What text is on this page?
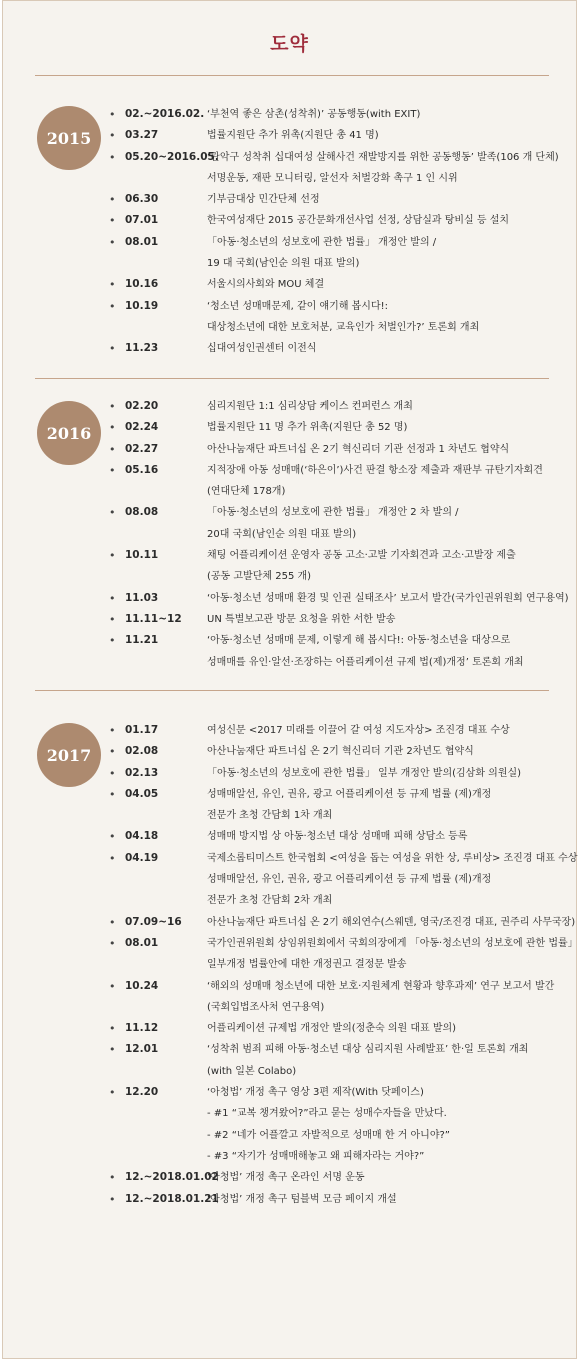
도약
2015
• 02.~2016.02. ‘부천역 좋은 삼촌(성착취)’ 공동행동(with EXIT)
• 03.27	법률지원단 추가 위촉(지원단 총 41 명)
• 05.20~2016.05.
‘관악구 성착취 십대여성 살해사건 재발방지를 위한 공동행동’ 발족(106 개 단체)
서명운동, 재판 모니터링, 알선자 처벌강화 촉구 1 인 시위
• 06.30	기부금대상 민간단체 선정
• 07.01	한국여성재단 2015 공간문화개선사업 선정, 상담실과 탕비실 등 설치
• 08.01	「아동·청소년의 성보호에 관한 법률」 개정안 발의 /
19 대 국회(남인순 의원 대표 발의)
• 10.16	서울시의사회와 MOU 체결
• 10.19	‘청소년 성매매문제, 같이 얘기해 봅시다!:
대상청소년에 대한 보호처분, 교육인가 처벌인가?’ 토론회 개최
• 11.23	십대여성인권센터 이전식
2016
• 02.20	심리지원단 1:1 심리상담 케이스 컨퍼런스 개최
• 02.24	법률지원단 11 명 추가 위촉(지원단 총 52 명)
• 02.27	아산나눔재단 파트너십 온 2기 혁신리더 기관 선정과 1 차년도 협약식
• 05.16	지적장애 아동 성매매(‘하은이’)사건 판결 항소장 제출과 재판부 규탄기자회견
(연대단체 178개)
• 08.08	「아동·청소년의 성보호에 관한 법률」 개정안 2 차 발의 /
20대 국회(남인순 의원 대표 발의)
• 10.11	채팅 어플리케이션 운영자 공동 고소·고발 기자회견과 고소·고발장 제출
(공동 고발단체 255 개)
• 11.03	‘아동·청소년 성매매 환경 및 인권 실태조사’ 보고서 발간(국가인권위원회 연구용역)
• 11.11~12	UN 특별보고관 방문 요청을 위한 서한 발송
• 11.21	‘아동·청소년 성매매 문제, 이렇게 해 봅시다!: 아동·청소년을 대상으로
성매매를 유인·알선·조장하는 어플리케이션 규제 법(제)개정’ 토론회 개최
2017
• 01.17	여성신문 <2017 미래를 이끌어 갈 여성 지도자상> 조진경 대표 수상
• 02.08	아산나눔재단 파트너십 온 2기 혁신리더 기관 2차년도 협약식
• 02.13	「아동·청소년의 성보호에 관한 법률」 일부 개정안 발의(김삼화 의원실)
• 04.05	성매매알선, 유인, 권유, 광고 어플리케이션 등 규제 법률 (제)개정
전문가 초청 간담회 1차 개최
• 04.18	성매매 방지법 상 아동·청소년 대상 성매매 피해 상담소 등록
• 04.19	국제소롭티미스트 한국협회 <여성을 돕는 여성을 위한 상, 루비상> 조진경 대표 수상
성매매알선, 유인, 권유, 광고 어플리케이션 등 규제 법률 (제)개정
전문가 초청 간담회 2차 개최
• 07.09~16	아산나눔재단 파트너십 온 2기 해외연수(스웨덴, 영국/조진경 대표, 권주리 사무국장)
• 08.01	국가인권위원회 상임위원회에서 국회의장에게 「아동·청소년의 성보호에 관한 법률」
일부개정 법률안에 대한 개정권고 결정문 발송
• 10.24	‘해외의 성매매 청소년에 대한 보호·지원체계 현황과 향후과제’ 연구 보고서 발간
(국회입법조사처 연구용역)
• 11.12	어플리케이션 규제법 개정안 발의(정춘숙 의원 대표 발의)
• 12.01	‘성착취 범죄 피해 아동·청소년 대상 심리지원 사례발표’ 한·일 토론회 개최
(with 일본 Colabo)
• 12.20	‘아청법’ 개정 촉구 영상 3편 제작(With 닷페이스)
- #1 “교복 챙겨왔어?”라고 묻는 성매수자들을 만났다.
- #2 “네가 어플깔고 자발적으로 성매매 한 거 아니야?”
- #3 “자기가 성매매해놓고 왜 피해자라는 거야?”
• 12.~2018.01.02
‘아청법’ 개정 촉구 온라인 서명 운동
• 12.~2018.01.21
‘아청법’ 개정 촉구 텀블벅 모금 페이지 개설
